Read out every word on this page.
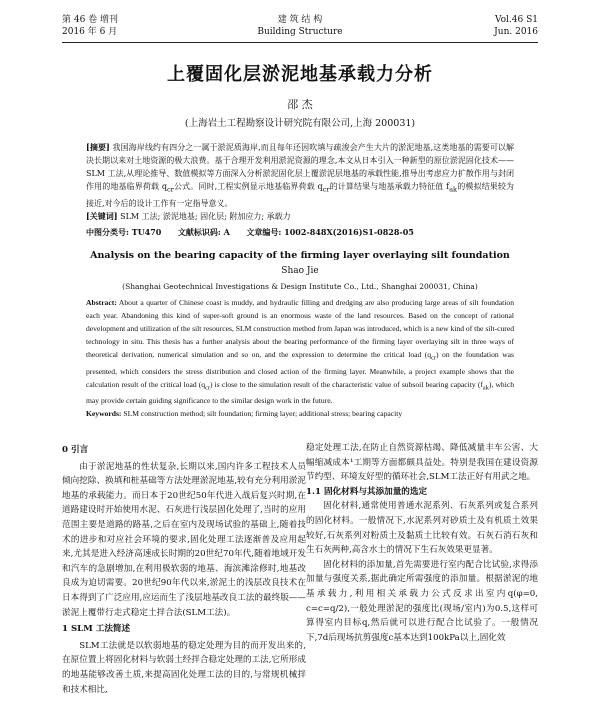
第 46 卷 增刊
2016 年 6 月
建 筑 结 构
Building Structure
Vol.46 S1
Jun. 2016
上覆固化层淤泥地基承载力分析
邵 杰
(上海岩土工程勘察设计研究院有限公司,上海 200031)

[摘要] 我国海岸线约有四分之一属于淤泥质海岸,而且每年还因吹填与疏浚会产生大片的淤泥地基,这类地基的需要可以解决长期以来对土地资源的极大浪费。基于合理开发利用淤泥资源的理念,本文从日本引入一种新型的原位淤泥固化技术——SLM 工法,从理论推导、数值模拟等方面深入分析淤泥固化层上覆淤泥层地基的承载性能,推导出考虑应力扩散作用与封闭作用的地基临界荷载 $q_{cr}$公式。同时,工程实例显示地基临界荷载 $q_{cr}$的计算结果与地基承载力特征值 $f_{ak}$的模拟结果较为接近,对今后的设计工作有一定指导意义。

[关键词] SLM 工法; 淤泥地基; 固化层; 附加应力; 承载力

中图分类号: TU470 文献标识码: A 文章编号: 1002-848X(2016)S1-0828-05
Analysis on the bearing capacity of the firming layer overlaying silt foundation
Shao Jie
(Shanghai Geotechnical Investigations & Design Institute Co., Ltd., Shanghai 200031, China)

Abstract: About a quarter of Chinese coast is muddy, and hydraulic filling and dredging are also producing large areas of silt foundation each year. Abandoning this kind of super-soft ground is an enormous waste of the land resources. Based on the concept of rational development and utilization of the silt resources, SLM construction method from Japan was introduced, which is a new kind of the silt-cured technology in situ. This thesis has a further analysis about the bearing performance of the firming layer overlaying silt in three ways of theoretical derivation, numerical simulation and so on, and the expression to determine the critical load $(q_{cr})$ on the foundation was presented, which considers the stress distribution and closed action of the firming layer. Meanwhile, a project example shows that the calculation result of the critical load $(q_{cr})$ is close to the simulation result of the characteristic value of subsoil bearing capacity $(f_{ak})$, which may provide certain guiding significance to the similar design work in the future.

Keywords: SLM construction method; silt foundation; firming layer; additional stress; bearing capacity

0 引言

由于淤泥地基的性状复杂,长期以来,国内许多工程技术人员倾向挖除、换填和桩基础等方法处理淤泥地基,较有充分利用淤泥地基的承载能力。而日本于20世纪50年代进入战后复兴时期,在道路建设时开始使用水泥、石灰进行浅层固化处理了,当时的应用范围主要是道路的路基,之后在室内及现场试验的基础上,随着技术的进步和对应社会环境的要求,固化处理工法逐渐普及应用起来,尤其是进入经济高速成长时期的20世纪70年代,随着地域开发和汽车的急剧增加,在利用极软弱的地基、海滨滩涂修时,地基改良成为迫切需要。20世纪90年代以来,淤泥土的浅层改良技术在日本得到了广泛应用,应运而生了浅层地基改良工法的最终版——淤泥上覆带行走式稳定土拌合法(SLM工法)。

1 SLM 工法简述

SLM工法就是以软弱地基的稳定处理为目的而开发出来的,在原位置上将固化材料与软弱土经拌合稳定处理的工法,它所形成的地基能够改善土质,来提高固化处理工法的目的,与常规机械拌和技术相比,

稳定处理工法,在防止自然资源枯竭、降低减量丰车公害、大幅缩减成本¹工期等方面都颇具益处。特别是我国在建设资源节约型、环境友好型的循环社会,SLM工法正好有用武之地。

1.1 固化材料与其添加量的选定

固化材料,通常使用普通水泥系列、石灰系列或复合系列的固化材料。一般情况下,水泥系列对砂质土及有机质土效果较好,石灰系列对粉质土及黏质土比较有效。石灰石消石灰和生石灰两种,高含水土的情况下生石灰效果更显著。

固化材料的添加量,首先需要进行室内配合比试验,求得添加量与强度关系,据此确定所需强度的添加量。根据淤泥的地基承载力,利用相关承载力公式反求出室内q(φ=0, c=c=q/2),一般处理淤泥的强度比(现场/室内)为0.5,这样可算得室内目标q,然后就可以进行配合比试验了。一般情况下,7d后现场抗剪强度c基本达到100kPa以上,固化效
